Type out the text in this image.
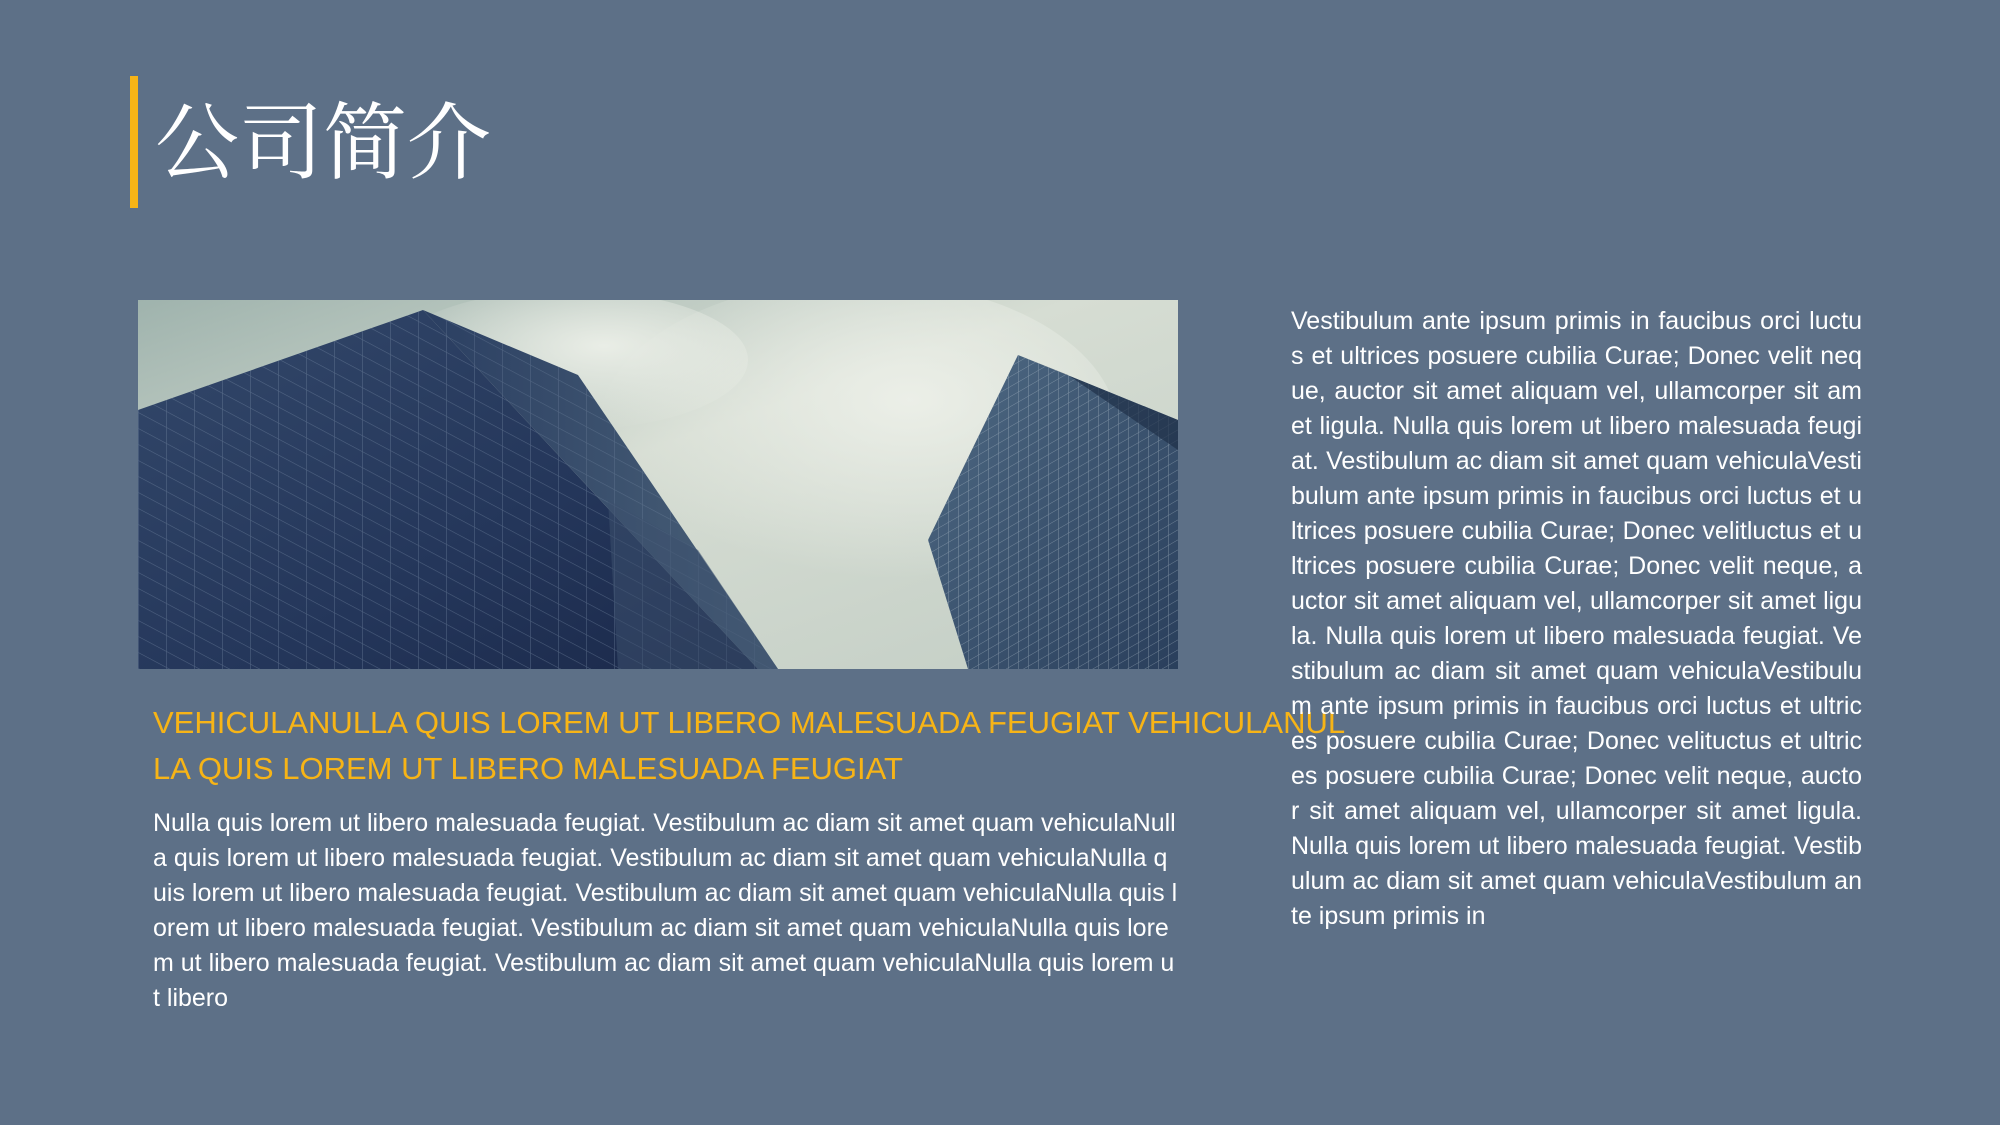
公司简介
VEHICULANULLA QUIS LOREM UT LIBERO MALESUADA FEUGIAT VEHICULANULLA QUIS LOREM UT LIBERO MALESUADA FEUGIAT

Nulla quis lorem ut libero malesuada feugiat. Vestibulum ac diam sit amet quam vehiculaNulla quis lorem ut libero malesuada feugiat. Vestibulum ac diam sit amet quam vehiculaNulla quis lorem ut libero malesuada feugiat. Vestibulum ac diam sit amet quam vehiculaNulla quis lorem ut libero malesuada feugiat. Vestibulum ac diam sit amet quam vehiculaNulla quis lorem ut libero malesuada feugiat. Vestibulum ac diam sit amet quam vehiculaNulla quis lorem ut libero

Vestibulum ante ipsum primis in faucibus orci luctus et ultrices posuere cubilia Curae; Donec velit neque, auctor sit amet aliquam vel, ullamcorper sit amet ligula. Nulla quis lorem ut libero malesuada feugiat. Vestibulum ac diam sit amet quam vehiculaVestibulum ante ipsum primis in faucibus orci luctus et ultrices posuere cubilia Curae; Donec velitluctus et ultrices posuere cubilia Curae; Donec velit neque, auctor sit amet aliquam vel, ullamcorper sit amet ligula. Nulla quis lorem ut libero malesuada feugiat. Vestibulum ac diam sit amet quam vehiculaVestibulum ante ipsum primis in faucibus orci luctus et ultrices posuere cubilia Curae; Donec velituctus et ultrices posuere cubilia Curae; Donec velit neque, auctor sit amet aliquam vel, ullamcorper sit amet ligula. Nulla quis lorem ut libero malesuada feugiat. Vestibulum ac diam sit amet quam vehiculaVestibulum ante ipsum primis in
